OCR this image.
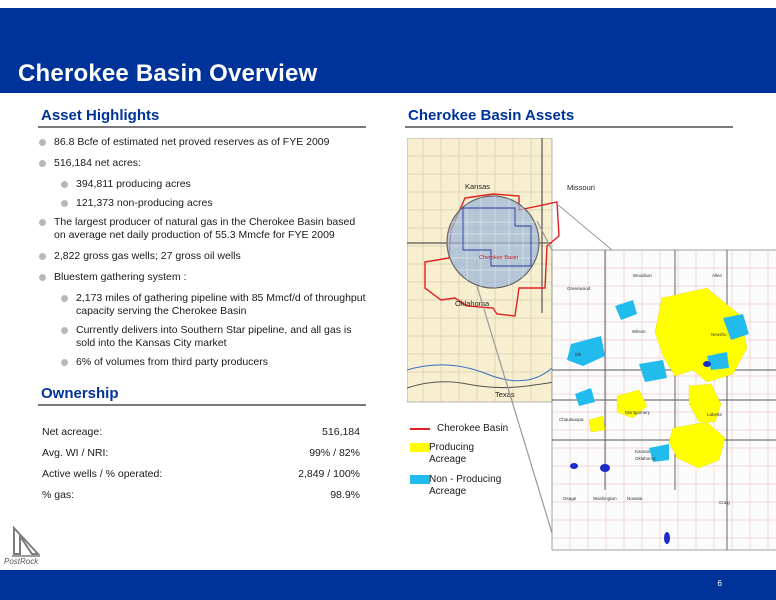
Cherokee Basin Overview
Asset Highlights
86.8 Bcfe of estimated net proved reserves as of FYE 2009
516,184 net acres:
394,811 producing acres
121,373 non-producing acres
The largest producer of natural gas in the Cherokee Basin based on average net daily production of 55.3 Mmcfe for FYE 2009
2,822 gross gas wells; 27 gross oil wells
Bluestem gathering system :
2,173 miles of gathering pipeline with 85 Mmcf/d of throughput capacity serving the Cherokee Basin
Currently delivers into Southern Star pipeline, and all gas is sold into the Kansas City market
6% of volumes from third party producers
Ownership
Net acreage:	516,184
Avg. WI / NRI:	99% / 82%
Active wells / % operated:	2,849 / 100%
% gas:	98.9%
Cherokee Basin Assets
Kansas	Missouri
Oklahoma
Texas
Cherokee Basin
Woodson	Allen
Greenwood
Wilson
Neosho
Elk
Montgomery	Labette
Chautauqua
Kansas
Oklahoma
Osage	Washington Nowata
Craig
Cherokee Basin
Producing Acreage
Non - Producing Acreage
PostRock
6
